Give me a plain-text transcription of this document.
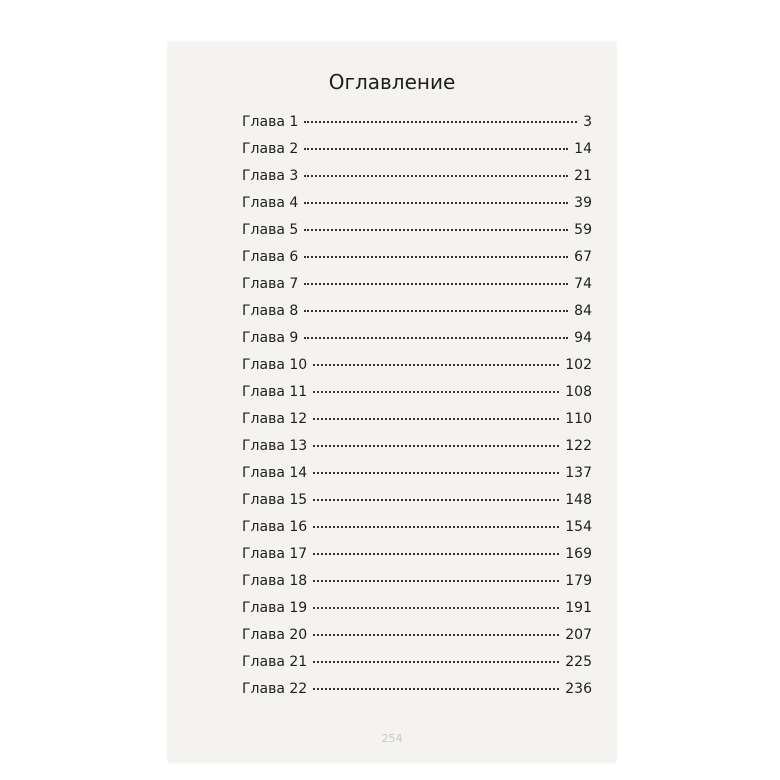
Оглавление
Глава 1	3
Глава 2	14
Глава 3	21
Глава 4	39
Глава 5	59
Глава 6	67
Глава 7	74
Глава 8	84
Глава 9	94
Глава 10	102
Глава 11	108
Глава 12	110
Глава 13	122
Глава 14	137
Глава 15	148
Глава 16	154
Глава 17	169
Глава 18	179
Глава 19	191
Глава 20	207
Глава 21	225
Глава 22	236
254
